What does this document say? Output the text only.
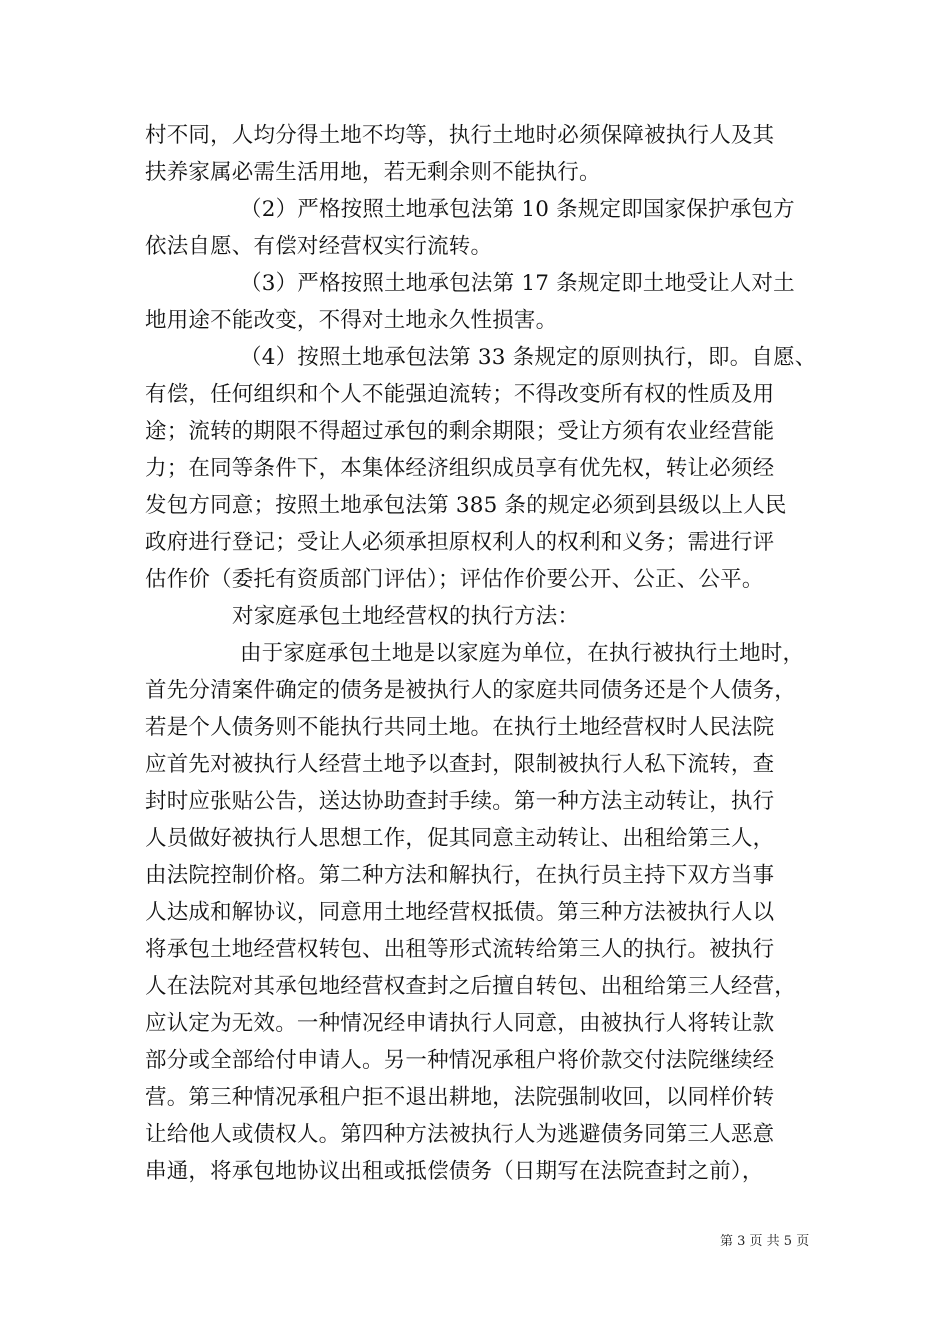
村不同，人均分得土地不均等，执行土地时必须保障被执行人及其
扶养家属必需生活用地，若无剩余则不能执行。
（2）严格按照土地承包法第 10 条规定即国家保护承包方
依法自愿、有偿对经营权实行流转。
（3）严格按照土地承包法第 17 条规定即土地受让人对土
地用途不能改变，不得对土地永久性损害。
（4）按照土地承包法第 33 条规定的原则执行，即。自愿、
有偿，任何组织和个人不能强迫流转；不得改变所有权的性质及用
途；流转的期限不得超过承包的剩余期限；受让方须有农业经营能
力；在同等条件下，本集体经济组织成员享有优先权，转让必须经
发包方同意；按照土地承包法第 385 条的规定必须到县级以上人民
政府进行登记；受让人必须承担原权利人的权利和义务；需进行评
估作价（委托有资质部门评估）；评估作价要公开、公正、公平。
对家庭承包土地经营权的执行方法：
由于家庭承包土地是以家庭为单位，在执行被执行土地时，
首先分清案件确定的债务是被执行人的家庭共同债务还是个人债务，
若是个人债务则不能执行共同土地。在执行土地经营权时人民法院
应首先对被执行人经营土地予以查封，限制被执行人私下流转，查
封时应张贴公告，送达协助查封手续。第一种方法主动转让，执行
人员做好被执行人思想工作，促其同意主动转让、出租给第三人，
由法院控制价格。第二种方法和解执行，在执行员主持下双方当事
人达成和解协议，同意用土地经营权抵债。第三种方法被执行人以
将承包土地经营权转包、出租等形式流转给第三人的执行。被执行
人在法院对其承包地经营权查封之后擅自转包、出租给第三人经营，
应认定为无效。一种情况经申请执行人同意，由被执行人将转让款
部分或全部给付申请人。另一种情况承租户将价款交付法院继续经
营。第三种情况承租户拒不退出耕地，法院强制收回，以同样价转
让给他人或债权人。第四种方法被执行人为逃避债务同第三人恶意
串通，将承包地协议出租或抵偿债务（日期写在法院查封之前），
第 3 页 共 5 页
